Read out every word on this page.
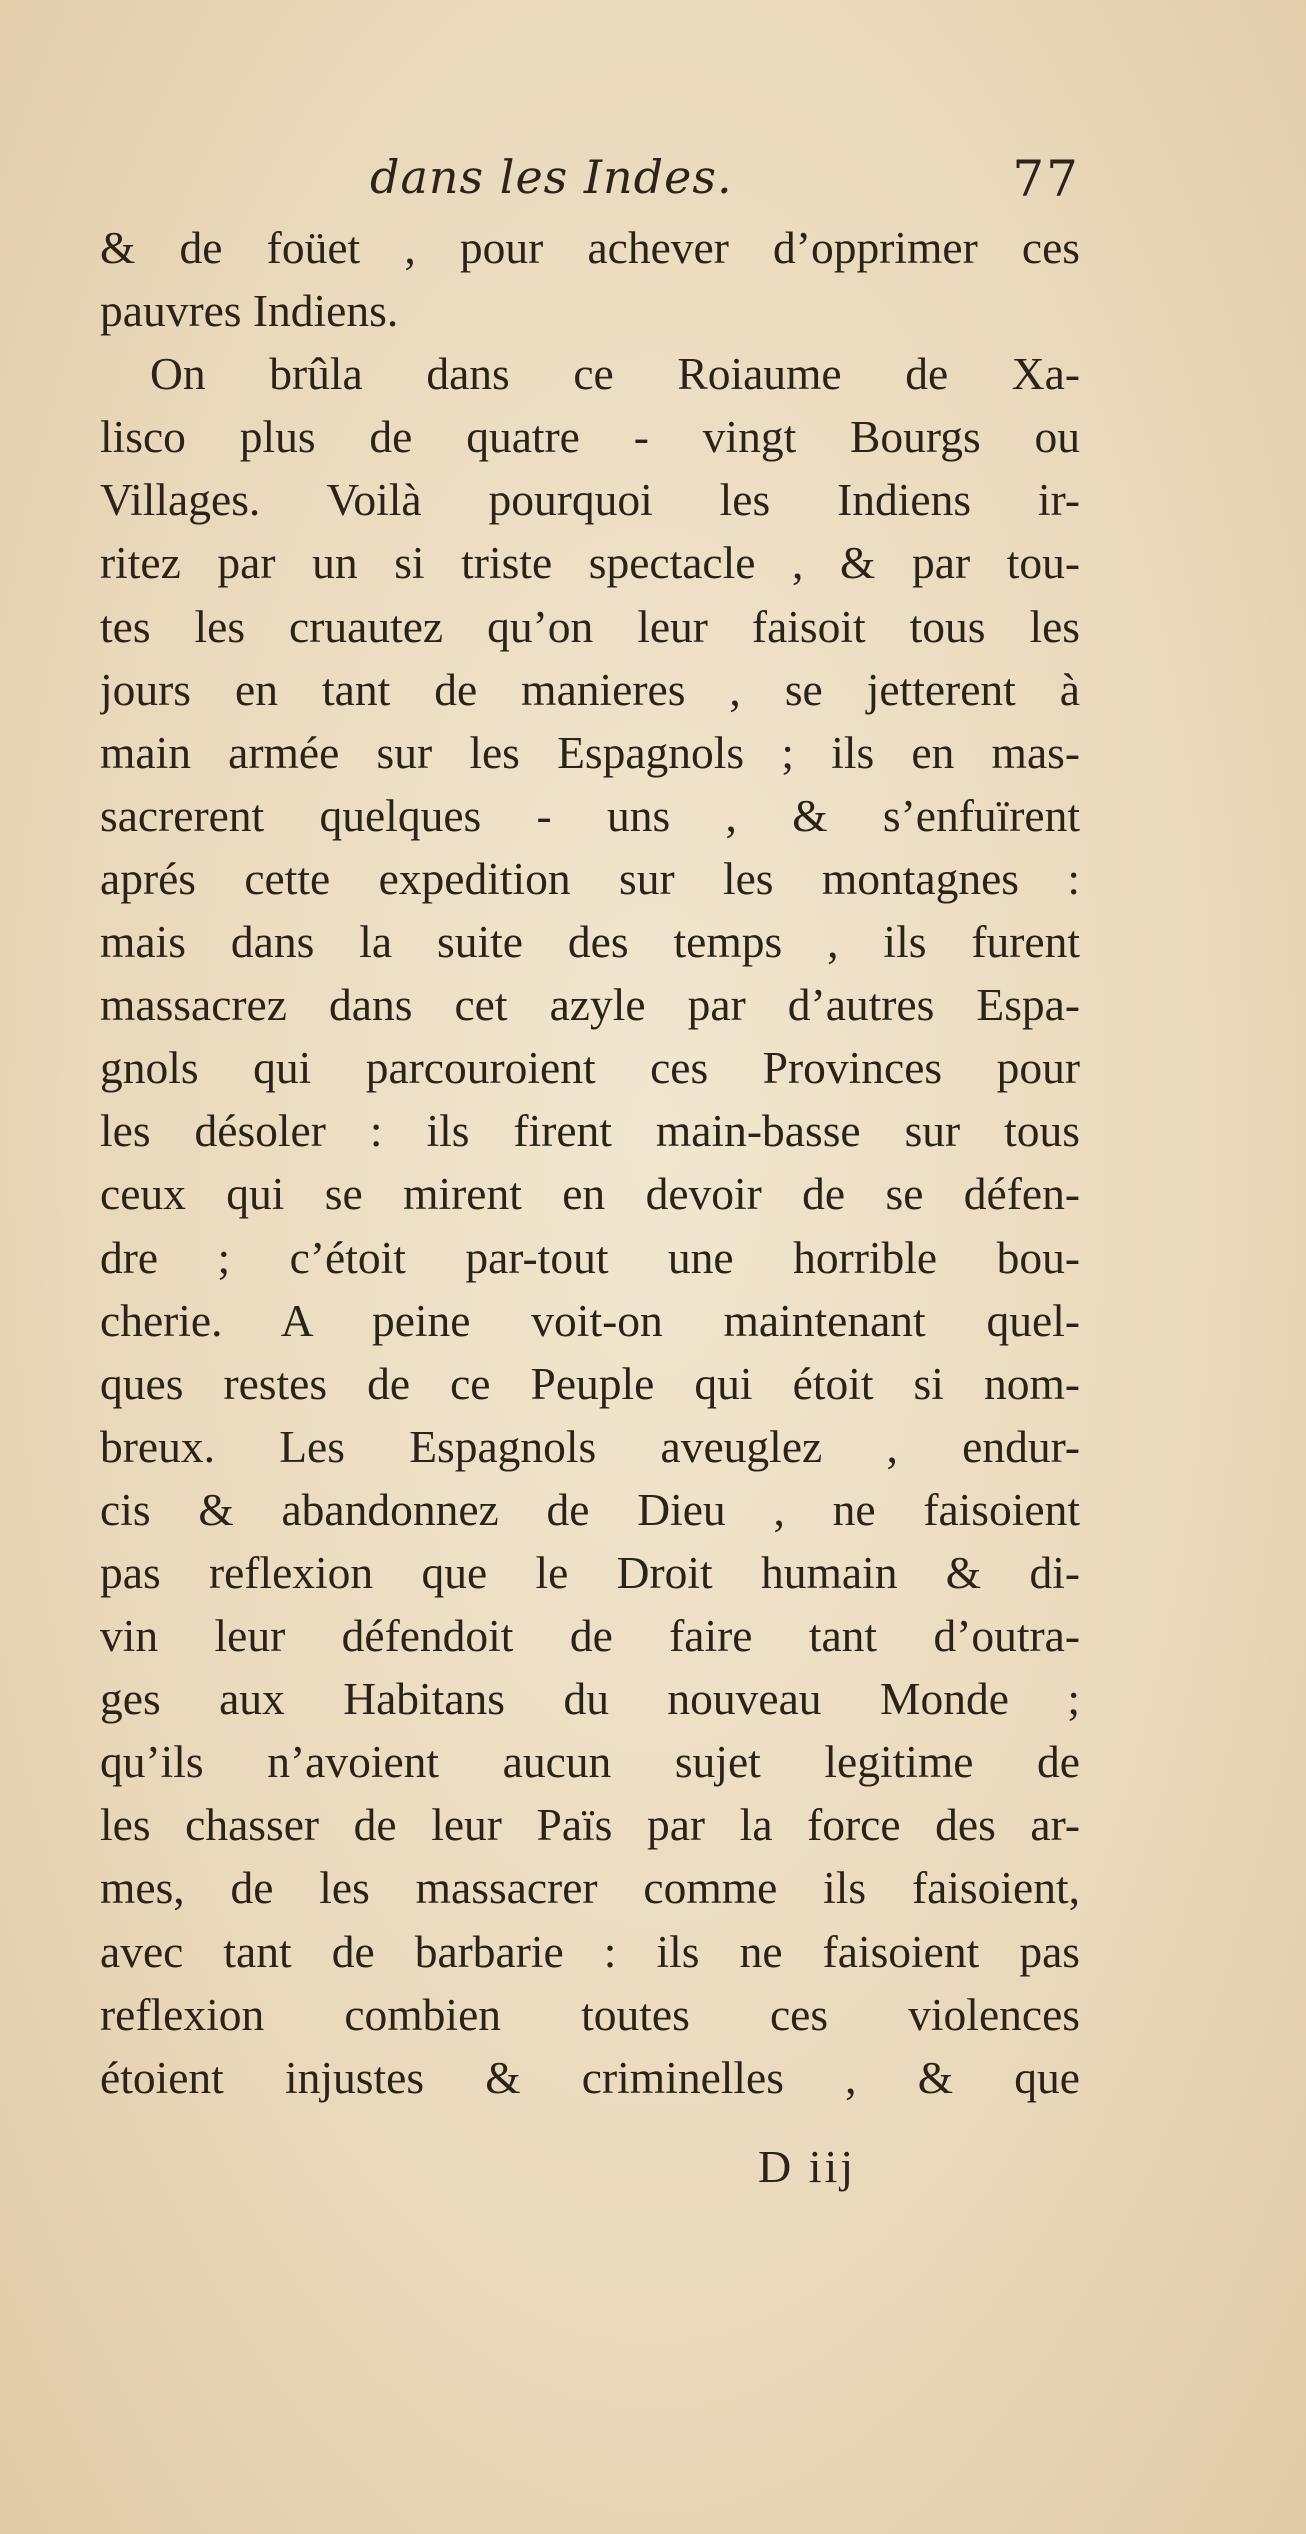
dans les Indes.	77
& de foüet , pour achever d’opprimer ces
pauvres Indiens.
On brûla dans ce Roiaume de Xa-
lisco plus de quatre - vingt Bourgs ou
Villages. Voilà pourquoi les Indiens ir-
ritez par un si triste spectacle , & par tou-
tes les cruautez qu’on leur faisoit tous les
jours en tant de manieres , se jetterent à
main armée sur les Espagnols ; ils en mas-
sacrerent quelques - uns , & s’enfuïrent
aprés cette expedition sur les montagnes :
mais dans la suite des temps , ils furent
massacrez dans cet azyle par d’autres Espa-
gnols qui parcouroient ces Provinces pour
les désoler : ils firent main-basse sur tous
ceux qui se mirent en devoir de se défen-
dre ; c’étoit par-tout une horrible bou-
cherie. A peine voit-on maintenant quel-
ques restes de ce Peuple qui étoit si nom-
breux. Les Espagnols aveuglez , endur-
cis & abandonnez de Dieu , ne faisoient
pas reflexion que le Droit humain & di-
vin leur défendoit de faire tant d’outra-
ges aux Habitans du nouveau Monde ;
qu’ils n’avoient aucun sujet legitime de
les chasser de leur Païs par la force des ar-
mes, de les massacrer comme ils faisoient,
avec tant de barbarie : ils ne faisoient pas
reflexion combien toutes ces violences
étoient injustes & criminelles , & que
D iij
